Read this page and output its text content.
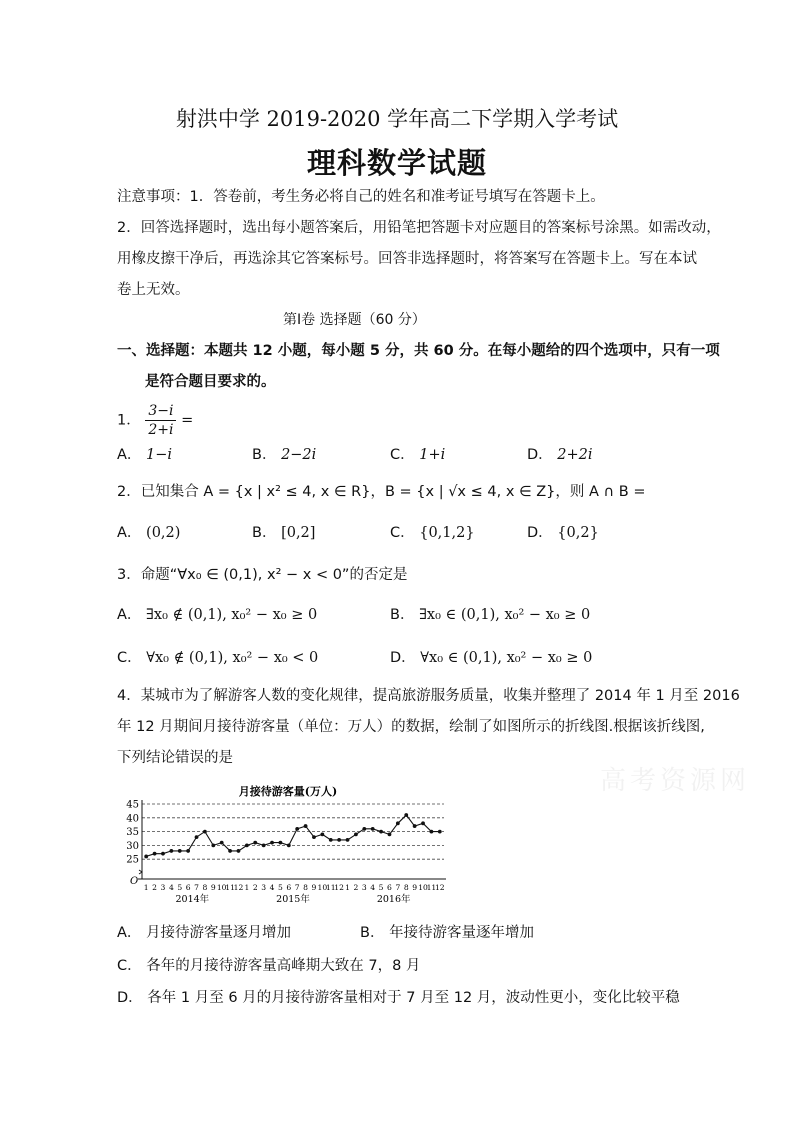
射洪中学 2019-2020 学年高二下学期入学考试
理科数学试题
注意事项：1．答卷前，考生务必将自己的姓名和准考证号填写在答题卡上。
2．回答选择题时，选出每小题答案后，用铅笔把答题卡对应题目的答案标号涂黑。如需改动，
用橡皮擦干净后，再选涂其它答案标号。回答非选择题时，将答案写在答题卡上。写在本试
卷上无效。
第Ⅰ卷 选择题（60 分）
一、选择题：本题共 12 小题，每小题 5 分，共 60 分。在每小题给的四个选项中，只有一项
是符合题目要求的。
1． $\frac{3-i}{2+i}$ =
A． 1−i	B． 2−2i	C． 1+i	D． 2+2i
2．已知集合 A = {x | x² ≤ 4, x ∈ R}，B = {x | √x ≤ 4, x ∈ Z}，则 A ∩ B =
A． (0,2)	B． [0,2]	C． {0,1,2}	D． {0,2}
3．命题“∀x₀ ∈ (0,1), x² − x < 0”的否定是
A． ∃x₀ ∉ (0,1), x₀² − x₀ ≥ 0	B． ∃x₀ ∈ (0,1), x₀² − x₀ ≥ 0
C． ∀x₀ ∉ (0,1), x₀² − x₀ < 0	D． ∀x₀ ∈ (0,1), x₀² − x₀ ≥ 0
4．某城市为了解游客人数的变化规律，提高旅游服务质量，收集并整理了 2014 年 1 月至 2016
年 12 月期间月接待游客量（单位：万人）的数据，绘制了如图所示的折线图.根据该折线图,
下列结论错误的是
高考资源网
月接待游客量(万人)
45
40
35
30
25
O
1 2 3 4 5 6 7 8 9 10
11
12 1 2 3 4 5 6 7 8 9 10
11
12 1 2 3 4 5 6 7 8 9 10
11
12
2014年	2015年	2016年
A． 月接待游客量逐月增加	B． 年接待游客量逐年增加
C． 各年的月接待游客量高峰期大致在 7，8 月
D． 各年 1 月至 6 月的月接待游客量相对于 7 月至 12 月，波动性更小，变化比较平稳
